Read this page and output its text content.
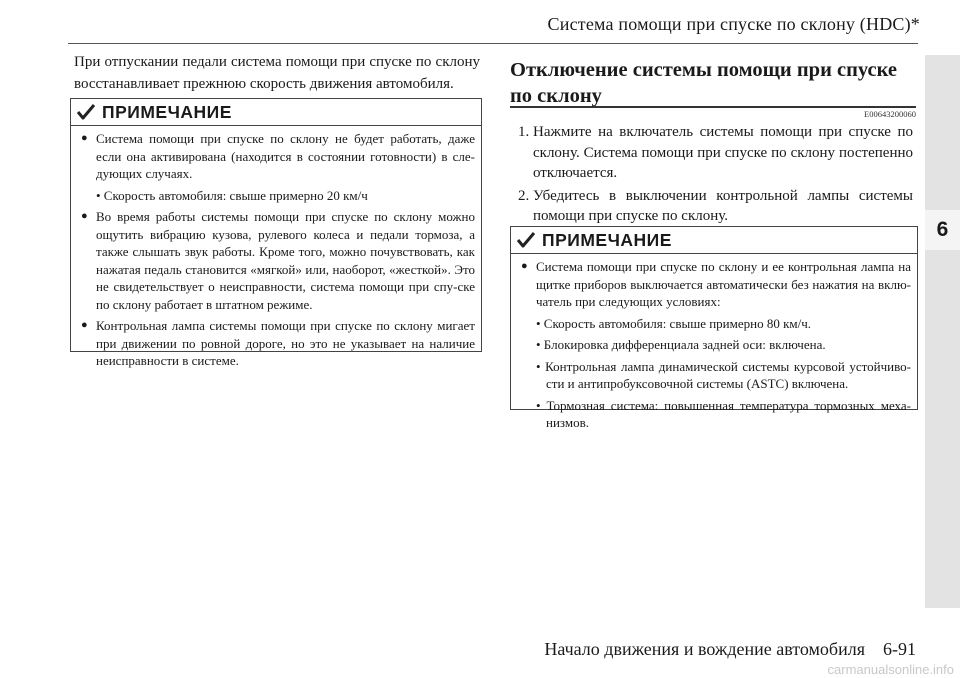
Система помощи при спуске по склону (HDC)*
6
При отпускании педали система помощи при спуске по склону восстанавливает прежнюю скорость движения автомобиля.
ПРИМЕЧАНИЕ
● Система помощи при спуске по склону не будет работать, даже если она активирована (находится в состоянии готовности) в сле-дующих случаях.
• Скорость автомобиля: свыше примерно 20 км/ч
● Во время работы системы помощи при спуске по склону можно ощутить вибрацию кузова, рулевого колеса и педали тормоза, а также слышать звук работы. Кроме того, можно почувствовать, как нажатая педаль становится «мягкой» или, наоборот, «жесткой». Это не свидетельствует о неисправности, система помощи при спу-ске по склону работает в штатном режиме.
● Контрольная лампа системы помощи при спуске по склону мигает при движении по ровной дороге, но это не указывает на наличие неисправности в системе.
Отключение системы помощи при спуске по склону
E00643200060
1. Нажмите на включатель системы помощи при спуске по склону. Система помощи при спуске по склону постепенно отключается.
2. Убедитесь в выключении контрольной лампы системы помощи при спуске по склону.
ПРИМЕЧАНИЕ
● Система помощи при спуске по склону и ее контрольная лампа на щитке приборов выключается автоматически без нажатия на вклю-чатель при следующих условиях:
• Скорость автомобиля: свыше примерно 80 км/ч.
• Блокировка дифференциала задней оси: включена.
• Контрольная лампа динамической системы курсовой устойчиво-сти и антипробуксовочной системы (ASTC) включена.
• Тормозная система: повышенная температура тормозных меха-низмов.
Начало движения и вождение автомобиля 6-91
carmanualsonline.info
